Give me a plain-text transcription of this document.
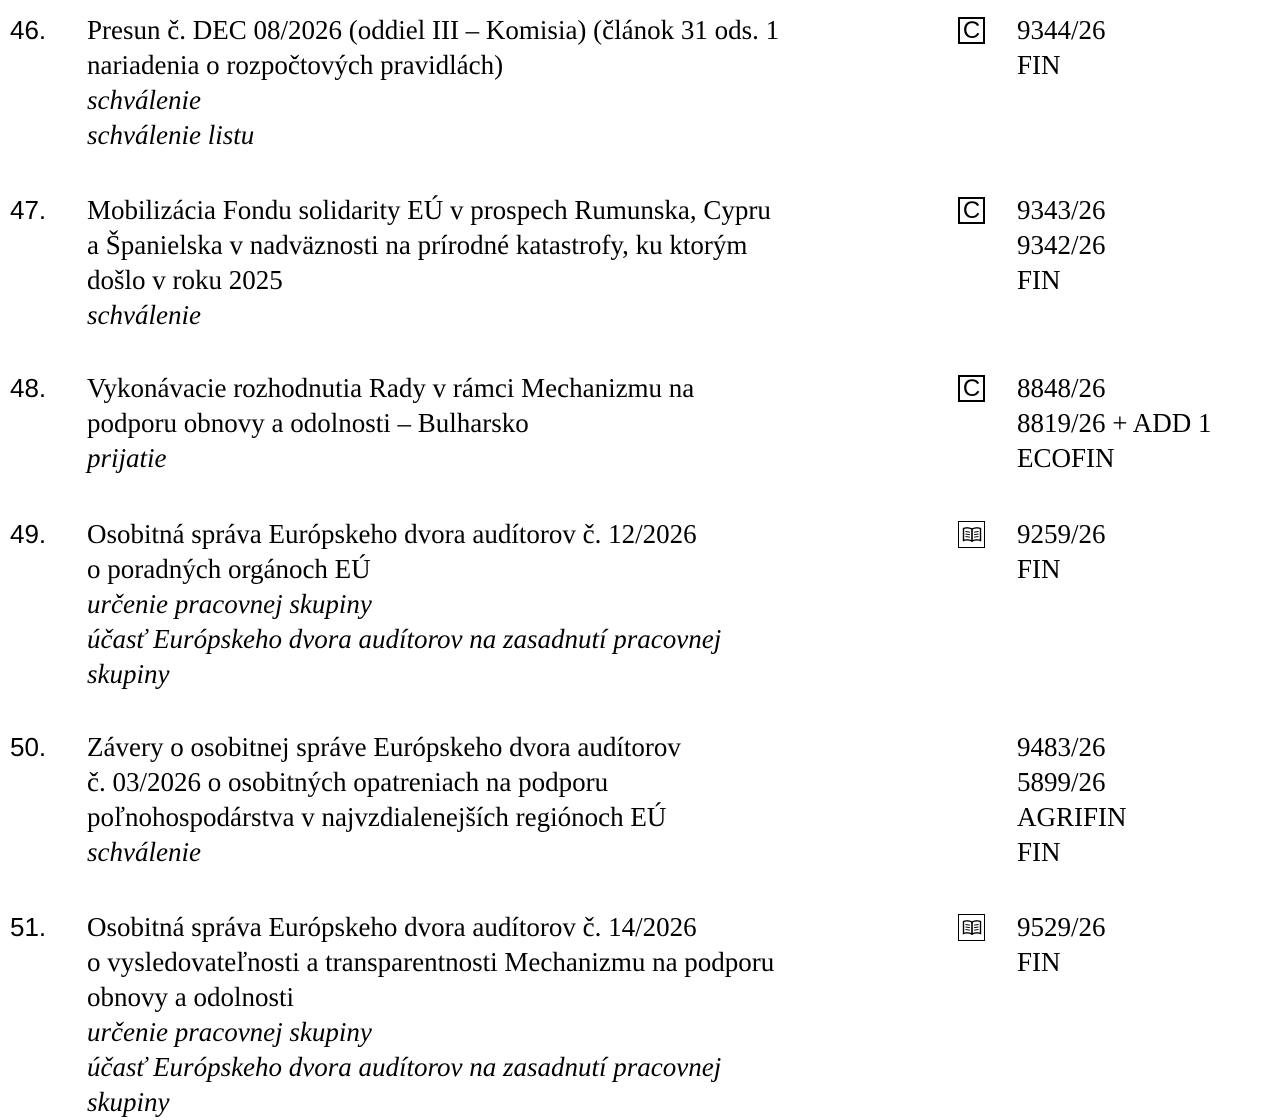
46. Presun č. DEC 08/2026 (oddiel III – Komisia) (článok 31 ods. 1
nariadenia o rozpočtových pravidlách)
schválenie
schválenie listu
C 9344/26
FIN
47. Mobilizácia Fondu solidarity EÚ v prospech Rumunska, Cypru
a Španielska v nadväznosti na prírodné katastrofy, ku ktorým
došlo v roku 2025
schválenie
C 9343/26
9342/26
FIN
48. Vykonávacie rozhodnutia Rady v rámci Mechanizmu na
podporu obnovy a odolnosti – Bulharsko
prijatie
C 8848/26
8819/26 + ADD 1
ECOFIN
49. Osobitná správa Európskeho dvora audítorov č. 12/2026
o poradných orgánoch EÚ
určenie pracovnej skupiny
účasť Európskeho dvora audítorov na zasadnutí pracovnej
skupiny
9259/26
FIN
50. Závery o osobitnej správe Európskeho dvora audítorov
č. 03/2026 o osobitných opatreniach na podporu
poľnohospodárstva v najvzdialenejších regiónoch EÚ
schválenie
9483/26
5899/26
AGRIFIN
FIN
51. Osobitná správa Európskeho dvora audítorov č. 14/2026
o vysledovateľnosti a transparentnosti Mechanizmu na podporu
obnovy a odolnosti
určenie pracovnej skupiny
účasť Európskeho dvora audítorov na zasadnutí pracovnej
skupiny
9529/26
FIN
